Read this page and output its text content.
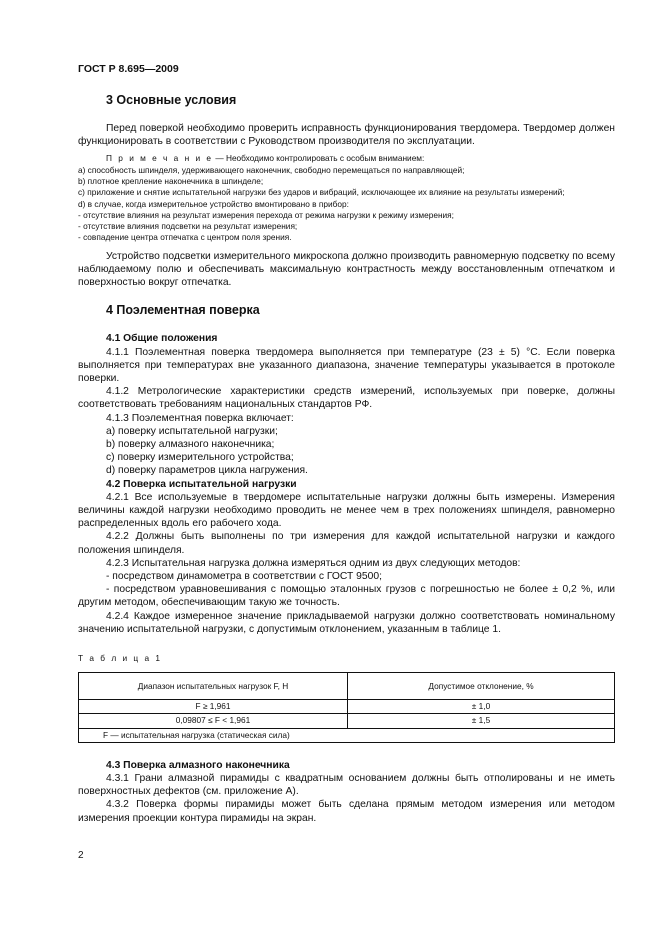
ГОСТ Р 8.695—2009
3 Основные условия

Перед поверкой необходимо проверить исправность функционирования твердомера. Твердомер должен функционировать в соответствии с Руководством производителя по эксплуатации.

П р и м е ч а н и е — Необходимо контролировать с особым вниманием:

а) способность шпинделя, удерживающего наконечник, свободно перемещаться по направляющей;

b) плотное крепление наконечника в шпинделе;

с) приложение и снятие испытательной нагрузки без ударов и вибраций, исключающее их влияние на результаты измерений;

d) в случае, когда измерительное устройство вмонтировано в прибор:

- отсутствие влияния на результат измерения перехода от режима нагрузки к режиму измерения;

- отсутствие влияния подсветки на результат измерения;

- совпадение центра отпечатка с центром поля зрения.

Устройство подсветки измерительного микроскопа должно производить равномерную подсветку по всему наблюдаемому полю и обеспечивать максимальную контрастность между восстановленным отпечатком и поверхностью вокруг отпечатка.

4 Поэлементная поверка

4.1 Общие положения

4.1.1 Поэлементная поверка твердомера выполняется при температуре (23 ± 5) °С. Если поверка выполняется при температурах вне указанного диапазона, значение температуры указывается в протоколе поверки.

4.1.2 Метрологические характеристики средств измерений, используемых при поверке, должны соответствовать требованиям национальных стандартов РФ.

4.1.3 Поэлементная поверка включает:

а) поверку испытательной нагрузки;

b) поверку алмазного наконечника;

с) поверку измерительного устройства;

d) поверку параметров цикла нагружения.

4.2 Поверка испытательной нагрузки

4.2.1 Все используемые в твердомере испытательные нагрузки должны быть измерены. Измерения величины каждой нагрузки необходимо проводить не менее чем в трех положениях шпинделя, равномерно распределенных вдоль его рабочего хода.

4.2.2 Должны быть выполнены по три измерения для каждой испытательной нагрузки и каждого положения шпинделя.

4.2.3 Испытательная нагрузка должна измеряться одним из двух следующих методов:

- посредством динамометра в соответствии с ГОСТ 9500;

- посредством уравновешивания с помощью эталонных грузов с погрешностью не более ± 0,2 %, или другим методом, обеспечивающим такую же точность.

4.2.4 Каждое измеренное значение прикладываемой нагрузки должно соответствовать номинальному значению испытательной нагрузки, с допустимым отклонением, указанным в таблице 1.

Т а б л и ц а 1
Диапазон испытательных нагрузок F, Н	Допустимое отклонение, %
F ≥ 1,961	± 1,0
0,09807 ≤ F < 1,961	± 1,5
F — испытательная нагрузка (статическая сила)	

4.3 Поверка алмазного наконечника

4.3.1 Грани алмазной пирамиды с квадратным основанием должны быть отполированы и не иметь поверхностных дефектов (см. приложение А).

4.3.2 Поверка формы пирамиды может быть сделана прямым методом измерения или методом измерения проекции контура пирамиды на экран.

2
